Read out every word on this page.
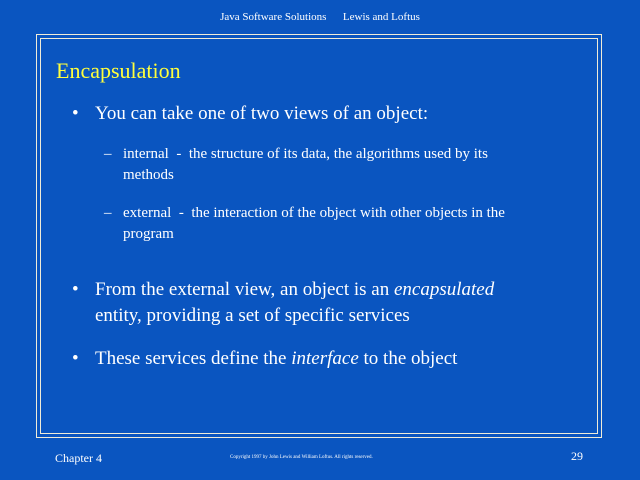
Java Software Solutions Lewis and Loftus
Encapsulation
• You can take one of two views of an object:
– internal - the structure of its data, the algorithms used by its
methods
– external - the interaction of the object with other objects in the
program
• From the external view, an object is an encapsulated
entity, providing a set of specific services
• These services define the interface to the object
Chapter 4	Copyright 1997 by John Lewis and William Loftus. All rights reserved.	29
